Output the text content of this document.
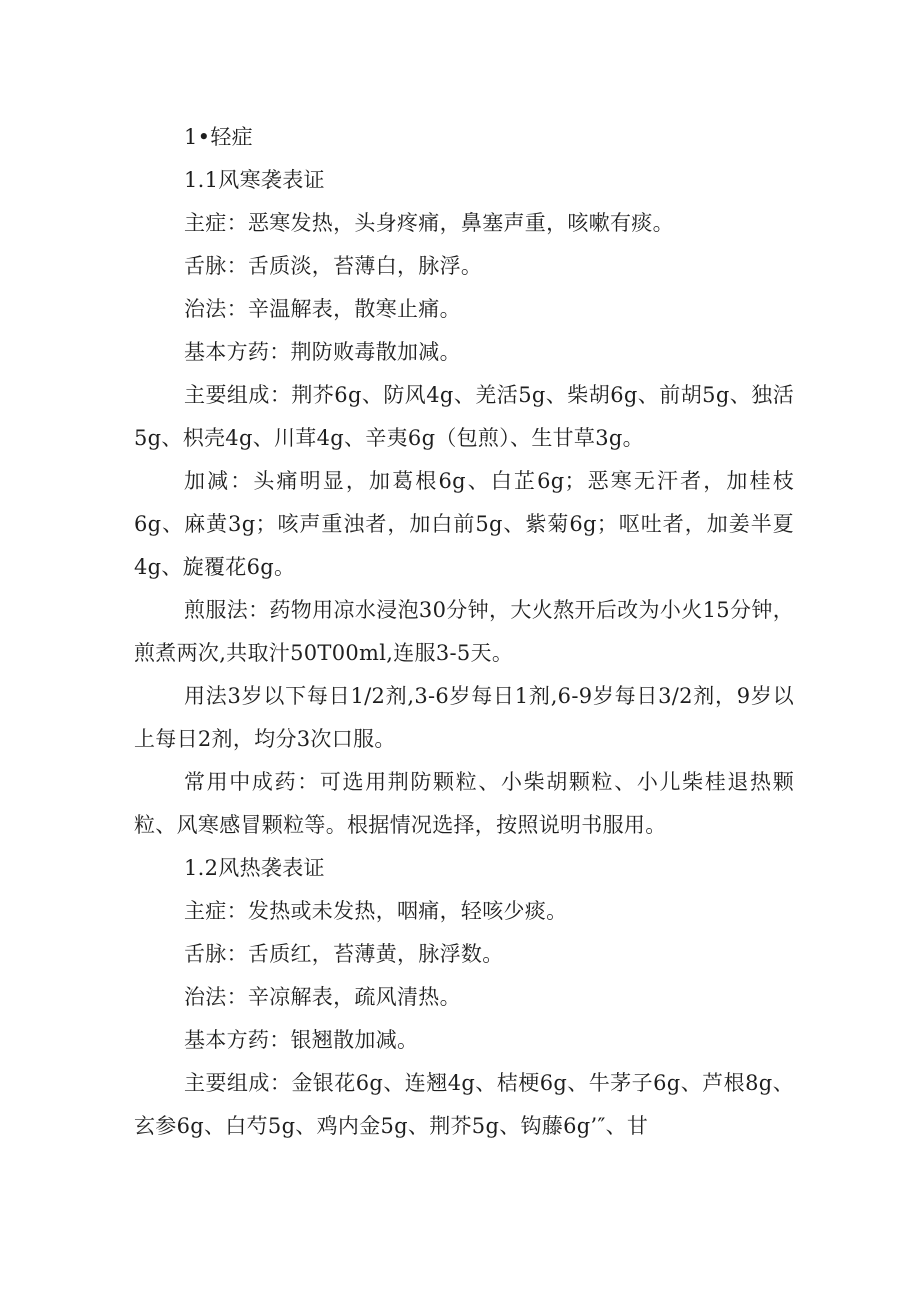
1•轻症

1.1风寒袭表证

主症：恶寒发热，头身疼痛，鼻塞声重，咳嗽有痰。

舌脉：舌质淡，苔薄白，脉浮。

治法：辛温解表，散寒止痛。

基本方药：荆防败毒散加减。

主要组成：荆芥6g、防风4g、羌活5g、柴胡6g、前胡5g、独活5g、枳壳4g、川茸4g、辛夷6g（包煎）、生甘草3g。

加减：头痛明显，加葛根6g、白芷6g；恶寒无汗者，加桂枝6g、麻黄3g；咳声重浊者，加白前5g、紫菊6g；呕吐者，加姜半夏4g、旋覆花6g。

煎服法：药物用凉水浸泡30分钟，大火熬开后改为小火15分钟，煎煮两次,共取汁50T00ml,连服3-5天。

用法3岁以下每日1/2剂,3-6岁每日1剂,6-9岁每日3/2剂，9岁以上每日2剂，均分3次口服。

常用中成药：可选用荆防颗粒、小柴胡颗粒、小儿柴桂退热颗粒、风寒感冒颗粒等。根据情况选择，按照说明书服用。

1.2风热袭表证

主症：发热或未发热，咽痛，轻咳少痰。

舌脉：舌质红，苔薄黄，脉浮数。

治法：辛凉解表，疏风清热。

基本方药：银翘散加减。

主要组成：金银花6g、连翘4g、桔梗6g、牛茅子6g、芦根8g、玄参6g、白芍5g、鸡内金5g、荆芥5g、钩藤6g’″、甘
